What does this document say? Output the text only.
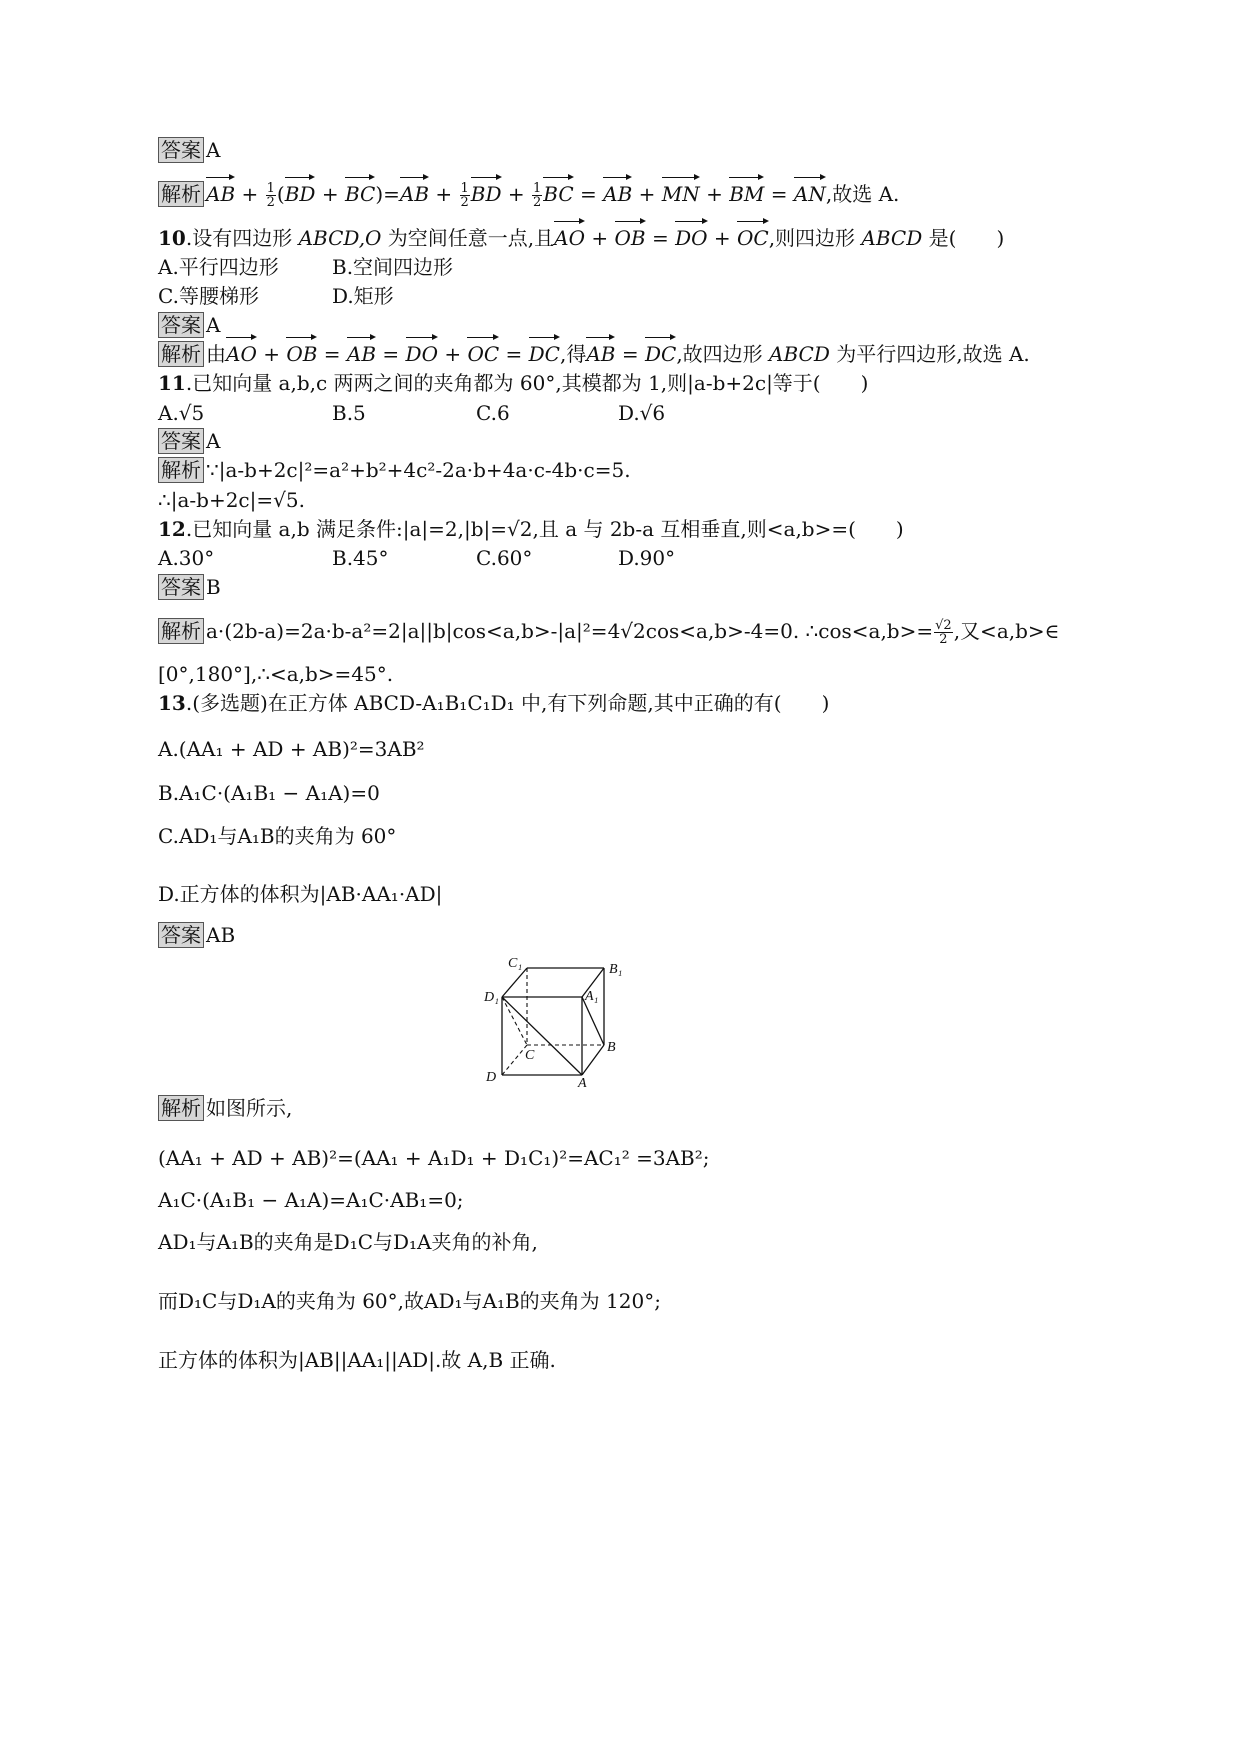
答案 A
解析 AB + $\frac{1}{2} (BD + BC)=AB + \frac{1}{2}$ BD + $\frac{1}{2}$ BC = AB + MN + BM = AN,故选 A.
10.设有四边形 ABCD,O 为空间任意一点,且AO + OB = DO + OC,则四边形 ABCD 是(　　)
A.平行四边形	B.空间四边形
C.等腰梯形	D.矩形
答案 A
解析 由AO + OB = AB = DO + OC = DC,得AB = DC,故四边形 ABCD 为平行四边形,故选 A.
11.已知向量 a,b,c 两两之间的夹角都为 60°,其模都为 1,则|a-b+2c|等于(　　)
A.√5	B.5	C.6	D.√6
答案 A
解析 ∵|a-b+2c|²=a²+b²+4c²-2a·b+4a·c-4b·c=5.
∴|a-b+2c|=√5.
12.已知向量 a,b 满足条件:|a|=2,|b|=√2,且 a 与 2b-a 互相垂直,则<a,b>=(　　)
A.30°	B.45°	C.60°	D.90°
答案 B
解析 a·(2b-a)=2a·b-a²=2|a||b|cos<a,b>-|a|²=4√2cos<a,b>-4=0. ∴cos<a,b>= $\frac{√2}{2}$ ,又<a,b>∈
[0°,180°],∴<a,b>=45°.
13.(多选题)在正方体 ABCD-A₁B₁C₁D₁ 中,有下列命题,其中正确的有(　　)
A.(AA₁ + AD + AB)²=3AB²
B.A₁C·(A₁B₁ − A₁A)=0
C.AD₁与A₁B的夹角为 60°
D.正方体的体积为|AB·AA₁·AD|
答案 AB
C₁	B₁
D₁	A₁
C
B
D	A
解析 如图所示,
(AA₁ + AD + AB)²=(AA₁ + A₁D₁ + D₁C₁)²=AC₁² =3AB²;
A₁C·(A₁B₁ − A₁A)=A₁C·AB₁=0;
AD₁与A₁B的夹角是D₁C与D₁A夹角的补角,
而D₁C与D₁A的夹角为 60°,故AD₁与A₁B的夹角为 120°;
正方体的体积为|AB||AA₁||AD|.故 A,B 正确.
